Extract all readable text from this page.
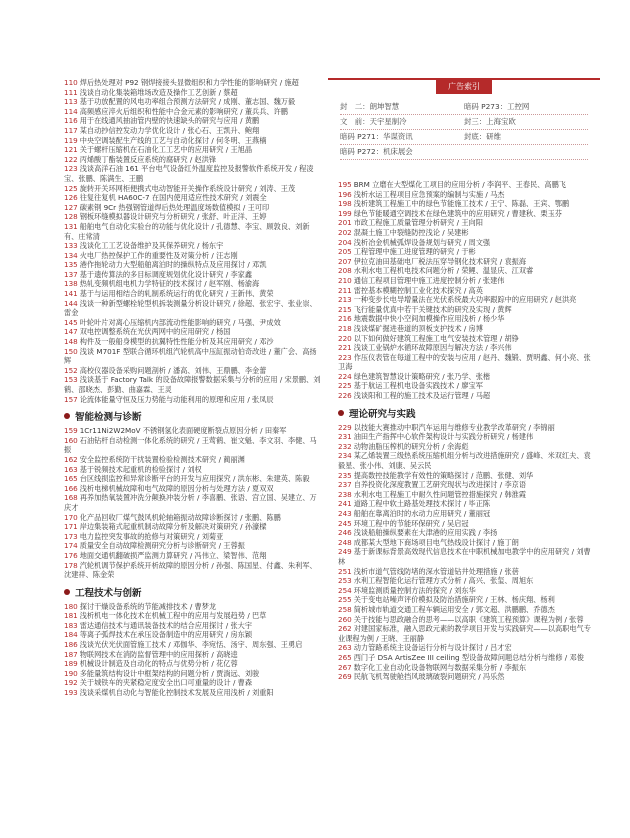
广告索引
封　二：朗坤智慧	暗码 P273：工控网
文　前：天宇星制冷	封三：上海宝欧
暗码 P271：华谋资讯	封底：研维
暗码 P272：机床展会

110 焊后热处理对 P92 钢焊接接头显微组织和力学性能的影响研究 / 施超

111 浅谈自动化集装箱堆场改造及操作工艺创新 / 蔡超

113 基于功放配置的风电功率组合预测方法研究 / 成刚、董志国、魏万毅

114 高频感应淬火后组织和性能中合金元素的影响研究 / 董兵兵、许鹏

116 用于在线通风抽油管内壁的快速缺头的研究与应用 / 黄鹏

117 某自动抄信控发动力学优化设计 / 张心石、王凯升、鲍翔

119 中央空调装配生产线的工艺与自动化探讨 / 何冬明、王燕楠

121 关于螺杆压缩机在石油化工工艺中的应用研究 / 王旭晶

122 丙烯酸丁酯装置反应系统的腐研究 / 赵洪锋

123 浅谈高洋石油 161 平台电气设备红外温度监控及报警软件系统开发 / 程凌宝、张鹏、陈满生、王鹏

125 旋转开关环网柜便携式电动智能开关操作系统设计研究 / 刘涛、王茂

126 往复往复机 HA60C-7 在国内使用适应性技术研究 / 刘震全

127 碳素钢 9Cr 热强钢管道焊后热处理温度场数值模拟 / 王可印

128 钢板环缝模拟器设计研究与分析研究 / 张舒、叶正洋、王婷

131 船舶电气自动化实验台的功能与优化设计 / 孔德慧、李宝、顾敦良、刘新有、庄常清

133 浅谈化工工艺设备维护及其保养研究 / 杨东宇

134 火电厂热控保护工作的重要性及对策分析 / 汪志刚

135 港作拖轮动力大型船舶离泊时的操纵特点及应用探讨 / 邓凯

137 基于遗传算法的多目标调度规划优化设计研究 / 李家鑫

138 热轧变频机组电机力学特征的技术探讨 / 赵军刚、杨渝海

141 基于与运用相结合的轧制系统运行的优化研究 / 王新伟、黄荣

144 浅谈一种新型螺栓轮型机拆装测量分析设计研究 / 徐超、张宏宇、张业崇、雷金

145 叶轮叶片对离心压缩机内部流动性能影响的研究 / 马强、尹成效

147 双电控调整系统在光伏两网中的应用研究 / 杨国

148 构件及一般船身模型的抗翼特性性能分析及其应用研究 / 邓沙

150 浅谈 M701F 型联合循环机组汽轮机高中压缸振动伯奇改进 / 董广会、高扬辉

152 高校仪器设备采购问题剖析 / 潘高、刘伟、王鼎鹏、李金蕾

153 浅谈基于 Factory Talk 的设备故障报警数据采集与分析的应用 / 宋景鹏、刘鹤、邵晓杰、彭勤、曲嘉霖、王灵

157 论流体能量守恒及压力势能与动能利用的原理和应用 / 张凤辰

智能检测与诊断

159 1Cr11Ni2W2MoV 不锈钢氢化表面硬度断裂点原因分析 / 田秦军

160 石油钻杆自动检测一体化系统的研究 / 王莺鹤、崔文魁、李文羽、李健、马振

162 安全监控系统防干扰装置检验检测技术研究 / 蔺丽渊

163 基于锐频技术起重机的检验探讨 / 刘权

165 台区线损监控和异常诊断平台的开发与应用探究 / 洪东彬、朱建英、陈毅

166 浅析电梯机械故障和电气故障的原因分析与处理方法 / 夏双双

168 再养加热氧装置冲洗分颠换冲装分析 / 李喜鹏、张语、宫立国、吴建立、万庆才

170 化产品回收厂煤气鼓风机轮轴箱振动故障诊断探讨 / 张鹏、陈鹏

171 岸边集装箱式起重机制动故障分析及解决对策研究 / 孙濠樑

173 电力监控突发事故的抢修与对策研究 / 刘菊亚

174 质量安全自动故障检测研究分析与诊断研究 / 王蓉振

176 地面交通机翻破损严监测力算研究 / 冯伟立、梁智伟、范翔

178 汽轮机调节保护系统开析故障的原因分析 / 孙强、陈国星、付鑫、朱利军、沈建祥、陈金荣

工程技术与创新

180 探讨干燥设备系统的节能减排技术 / 曹梦龙

181 浅析机电一体化技术在机械工程中的应用与发展趋势 / 巴草

183 雷达通信技术与通讯装备技术的结合应用探讨 / 张大宇

184 等离子弧焊技术在承压设备制造中的应用研究 / 房东颖

186 浅谈光伏光伏面管施工技术 / 邓伽华、李宛恬、汤宇、周东强、王勇启

187 物联网技术在消防监督管理中的应用探析 / 高晓逵

189 机械设计制造及自动化的特点与优势分析 / 花亿蓉

190 多能量筑结构设计中框架结构的问题分析 / 贾淌远、刘骏

192 关于城铁车的夹紧稳定度安全出口可重量的设计 / 曹森

193 浅谈采煤机自动化与智能化控制技术发展及应用浅析 / 刘重阳

195 BRM 立磨在大型煤化工项目的应用分析 / 李润平、王春民、高鹏飞

196 浅析水运工程项目应急预案的编制与实施 / 马杰

198 浅析建筑工程施工中的绿色节能施工技术 / 王宁、陈磊、王宾、鄂鹏

199 绿色节能暖通空调技术在绿色建筑中的应用研究 / 曹建秋、栗玉芬

201 市政工程施工质量管理分析研究 / 王向阳

202 混凝土施工中裂缝防控浅论 / 吴建彬

204 浅析冶金机械弧焊设备规划与研究 / 周文强

205 工程管理中施工进度管理的研究 / 于彬

207 伊拉克油田基础电厂税法压穿导钢化技术研究 / 袁振海

208 水利水电工程机电技术问题分析 / 荣鲤、温显庆、江双睿

210 通信工程项目管理中施工进度控制分析 / 张建伟

211 雷控基本模糊控制工业化技术探究 / 高英

213 一种变步长电导增量法在光伏系统最大功率跟踪中的应用研究 / 赵洪亮

215 飞行能量优真中若干关键技术的研究及实现 / 黄辉

216 地震数据中快小空间加模操作应用浅析 / 杨少华

218 浅谈煤矿掘进巷道的顶板支护技术 / 房博

220 以下如何做好建筑工程施工电气安装技术管理 / 胡铮

221 浅谈工业锅炉水循环故障原因与解决方法 / 李兴伟

223 作压仪表管在每道工程中的安装与应用 / 赵丹、魏锻、贾明鑫、何小亮、张卫海

224 绿色建筑智慧设计策略研究 / 张乃学、张楷

225 基于航运工程机电设备实践技术 / 廖宝军

226 浅谈阳和工程的施工技术及运行管理 / 马超

理论研究与实践

229 以技能大赛推动中职汽车运用与维修专业教学改革研究 / 李锦丽

231 油田生产指挥中心软件架构设计与实践分析研究 / 杨建伟

232 动物油脂压榨机的研究分析 / 余海彪

234 某乙烯装置三级热系统压缩机组分析与改进措施研究 / 盛峰、米双红夫、袁毅星、张小伟、刘康、吴云民

235 提高数控技能教学有效性的策略探讨 / 范鹏、张健、刘华

237 自养投资化深度教置工艺研究现状与改进探讨 / 李京语

238 水利水电工程施工中耐久性问题管控措施探究 / 韩淮霞

241 道路工程中软土路基处理技术探讨 / 毕正陈

243 船舶在靠离泊时的水动力应用研究 / 董丽冠

245 环境工程中的节能环保研究 / 吴启冠

246 浅谈船舶操纵要素在大津港的应用实践 / 李扬

248 成都某大型地下商场项目电气热线设计探讨 / 施丁朗

249 基于新课标背景高效现代信息技术在中职机械加电教学中的应用研究 / 刘曹林

251 浅析市道气管线防堵的深水管道钻井处理措施 / 张蓓

253 水利工程智能化运行管理方式分析 / 高兴、张玺、周旭东

254 环境监测质量控制方法的探究 / 刘东华

255 关于变电站噪声评价模拟及防治措施研究 / 王林、杨庆翔、杨利

258 简析城市轨道交通工程车辆运用安全 / 郭文超、洪鹏鹏、乔德杰

260 关于技能与思政融合的思考——以高职《建筑工程预算》课程为例 / 张蓉

262 对建国家标准，融入思政元素的教学项目开发与实践研究——以高职电气专业课程为例 / 王晓、王丽静

263 动力管路系统主设备运行分析与设计探讨 / 吕才宏

265 西门子 DSA ArtisZee III ceiling 型设备故障问题总结分析与维修 / 邓俊

267 数字化工业自动化设备物联网与数据采集分析 / 李振东

269 民航飞机驾驶舱挡风玻璃破裂问题研究 / 冯乐然
